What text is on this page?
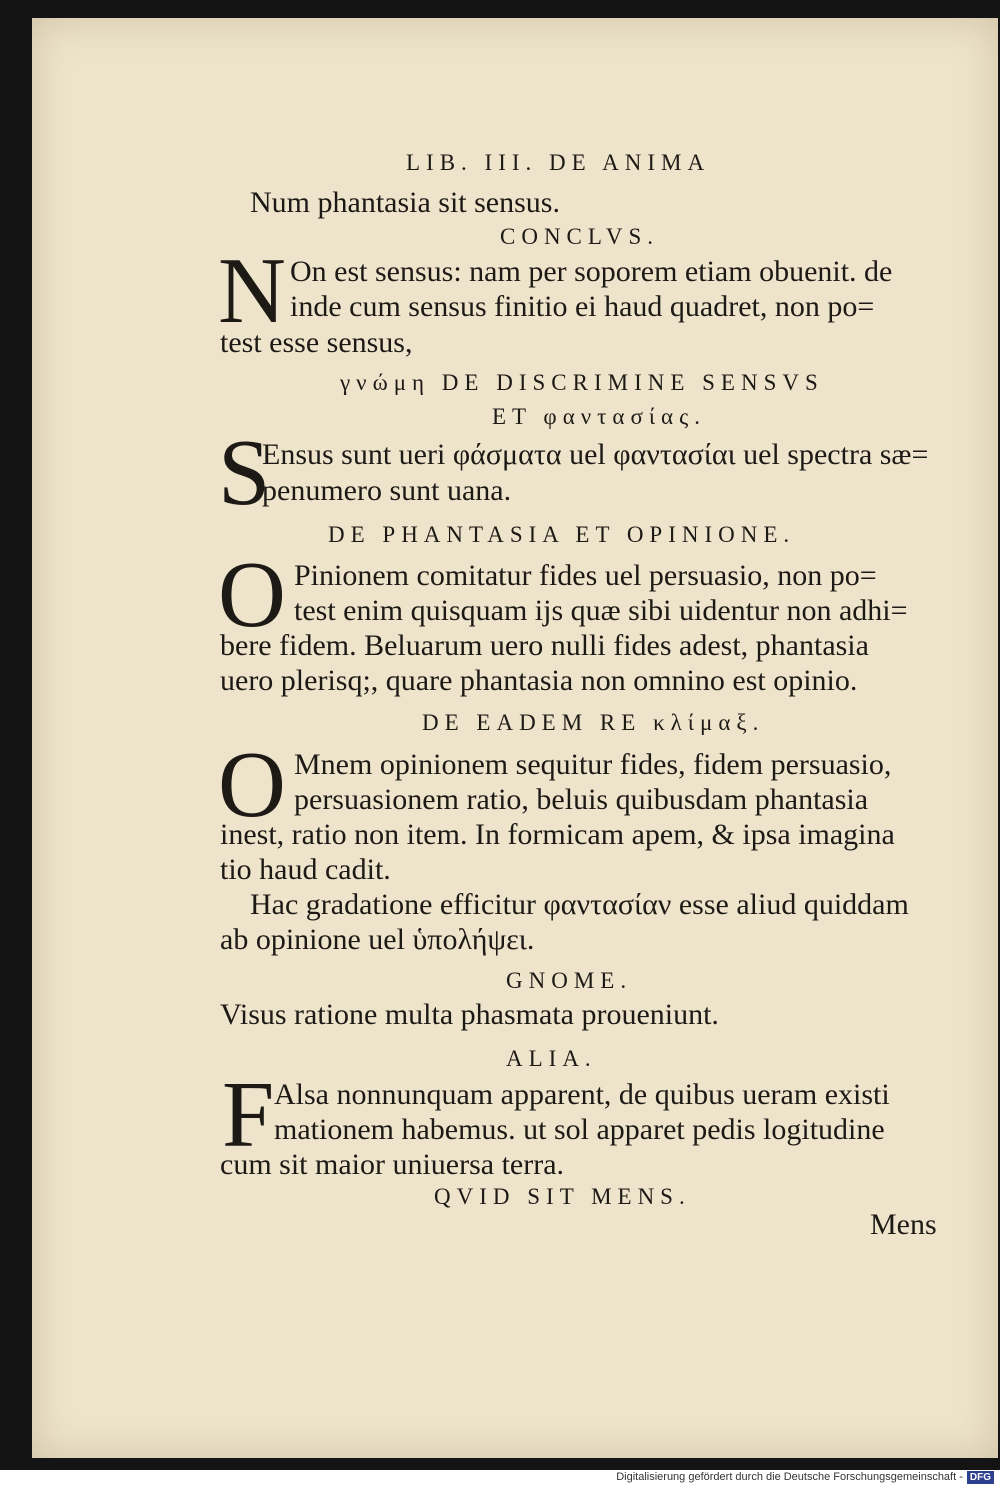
LIB. III. DE ANIMA
Num phantasia sit sensus.
CONCLVS.
N On est sensus: nam per soporem etiam obuenit. de
inde cum sensus finitio ei haud quadret, non po=
test esse sensus,
γνώμη DE DISCRIMINE SENSVS
ET φαντασίας.
S
Ensus sunt ueri φάσματα uel φαντασίαι uel spectra sæ=
penumero sunt uana.
DE PHANTASIA ET OPINIONE.
O Pinionem comitatur fides uel persuasio, non po=
test enim quisquam ijs quæ sibi uidentur non adhi=
bere fidem. Beluarum uero nulli fides adest, phantasia
uero plerisq;, quare phantasia non omnino est opinio.
DE EADEM RE κλίμαξ.
O Mnem opinionem sequitur fides, fidem persuasio,
persuasionem ratio, beluis quibusdam phantasia
inest, ratio non item. In formicam apem, & ipsa imagina
tio haud cadit.
Hac gradatione efficitur φαντασίαν esse aliud quiddam
ab opinione uel ὑπολήψει.
GNOME.
Visus ratione multa phasmata proueniunt.
ALIA.
F Alsa nonnunquam apparent, de quibus ueram existi
mationem habemus. ut sol apparet pedis logitudine
cum sit maior uniuersa terra.
QVID SIT MENS.
Mens
Digitalisierung gefördert durch die Deutsche Forschungsgemeinschaft - DFG
